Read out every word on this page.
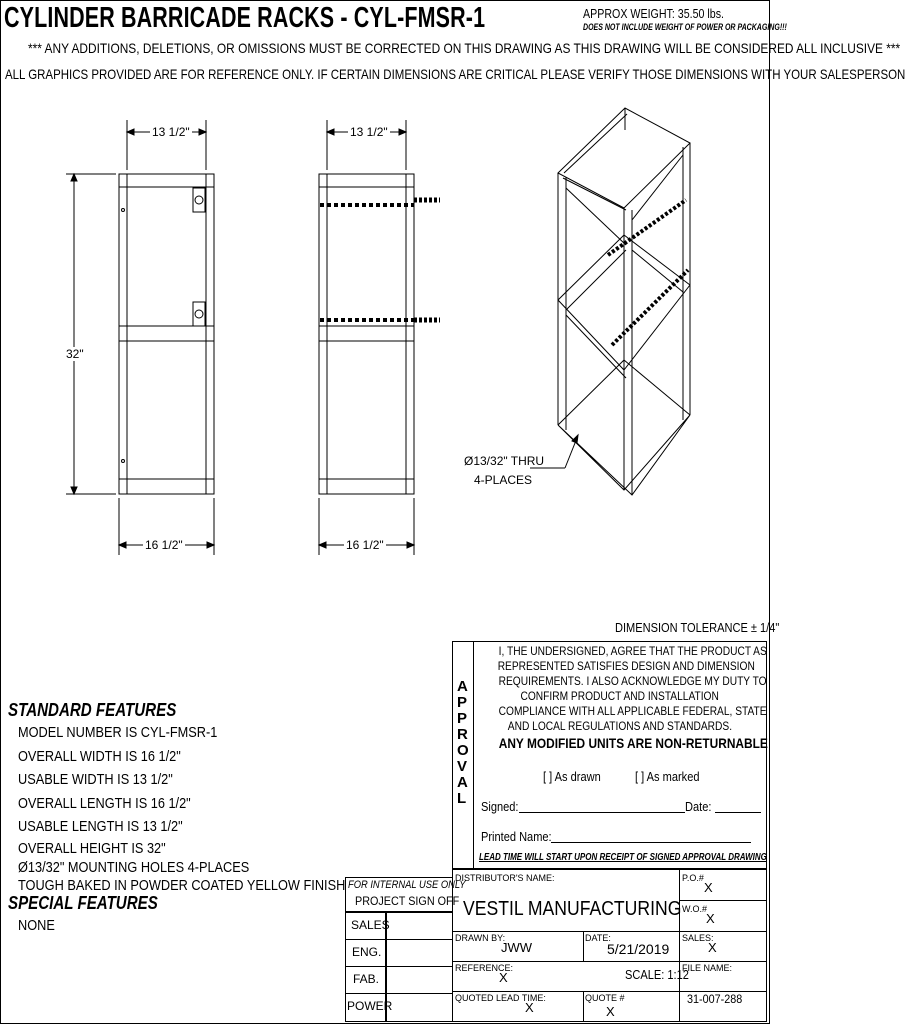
CYLINDER BARRICADE RACKS - CYL-FMSR-1	APPROX WEIGHT: 35.50 lbs.
DOES NOT INCLUDE WEIGHT OF POWER OR PACKAGING!!!
*** ANY ADDITIONS, DELETIONS, OR OMISSIONS MUST BE CORRECTED ON THIS DRAWING AS THIS DRAWING WILL BE CONSIDERED ALL INCLUSIVE ***
ALL GRAPHICS PROVIDED ARE FOR REFERENCE ONLY. IF CERTAIN DIMENSIONS ARE CRITICAL PLEASE VERIFY THOSE DIMENSIONS WITH YOUR SALESPERSON
13 1/2"	13 1/2"
32"
16 1/2"	16 1/2"
Ø13/32" THRU
4-PLACES
STANDARD FEATURES
MODEL NUMBER IS CYL-FMSR-1
OVERALL WIDTH IS 16 1/2"
USABLE WIDTH IS 13 1/2"
OVERALL LENGTH IS 16 1/2"
USABLE LENGTH IS 13 1/2"
OVERALL HEIGHT IS 32"
Ø13/32" MOUNTING HOLES 4-PLACES
TOUGH BAKED IN POWDER COATED YELLOW FINISH
SPECIAL FEATURES
NONE
DIMENSION TOLERANCE ± 1/4"
A
P
P
R
O
V
A
L
I, THE UNDERSIGNED, AGREE THAT THE PRODUCT AS
REPRESENTED SATISFIES DESIGN AND DIMENSION
REQUIREMENTS. I ALSO ACKNOWLEDGE MY DUTY TO
CONFIRM PRODUCT AND INSTALLATION
COMPLIANCE WITH ALL APPLICABLE FEDERAL, STATE
AND LOCAL REGULATIONS AND STANDARDS.
ANY MODIFIED UNITS ARE NON-RETURNABLE
[ ] As drawn	[ ] As marked
Signed:	Date:
Printed Name:
LEAD TIME WILL START UPON RECEIPT OF SIGNED APPROVAL DRAWING
FOR INTERNAL USE ONLY
PROJECT SIGN OFF
SALES
ENG.
FAB.
POWER
DISTRIBUTOR'S NAME:
VESTIL MANUFACTURING
P.O.#
X
W.O.#
X
DRAWN BY:
JWW
DATE:
5/21/2019
SALES:
X
REFERENCE:
X	SCALE: 1:12
FILE NAME:
31-007-288
QUOTED LEAD TIME:
X
QUOTE #
X
